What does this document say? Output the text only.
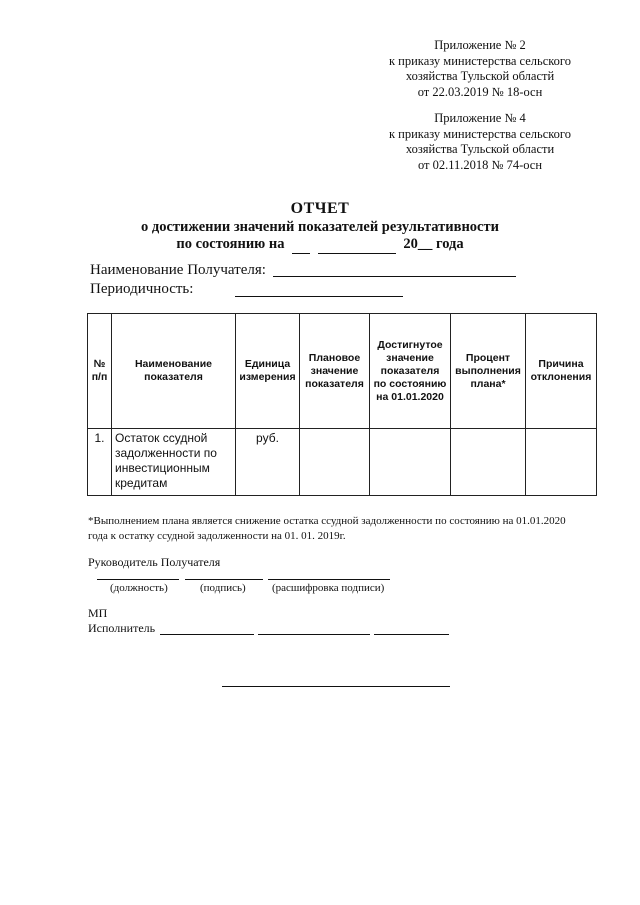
Приложение № 2
к приказу министерства сельского
хозяйства Тульской областй
от 22.03.2019 № 18-осн
Приложение № 4
к приказу министерства сельского
хозяйства Тульской области
от 02.11.2018 № 74-осн
ОТЧЕТ
о достижении значений показателей результативности
по состоянию на	20__ года
Наименование Получателя:
Периодичность:
№ п/п	Наименование показателя	Единица измерения	Плановое значение показателя	Достигнутое значение показателя по состоянию на 01.01.2020	Процент выполнения плана*	Причина отклонения
1.	Остаток ссудной задолженности по инвестиционным кредитам	руб.				
*Выполнением плана является снижение остатка ссудной задолженности по состоянию на 01.01.2020 года к остатку ссудной задолженности на 01. 01. 2019г.
Руководитель Получателя
(должность)	(подпись) (расшифровка подписи)
МП
Исполнитель
